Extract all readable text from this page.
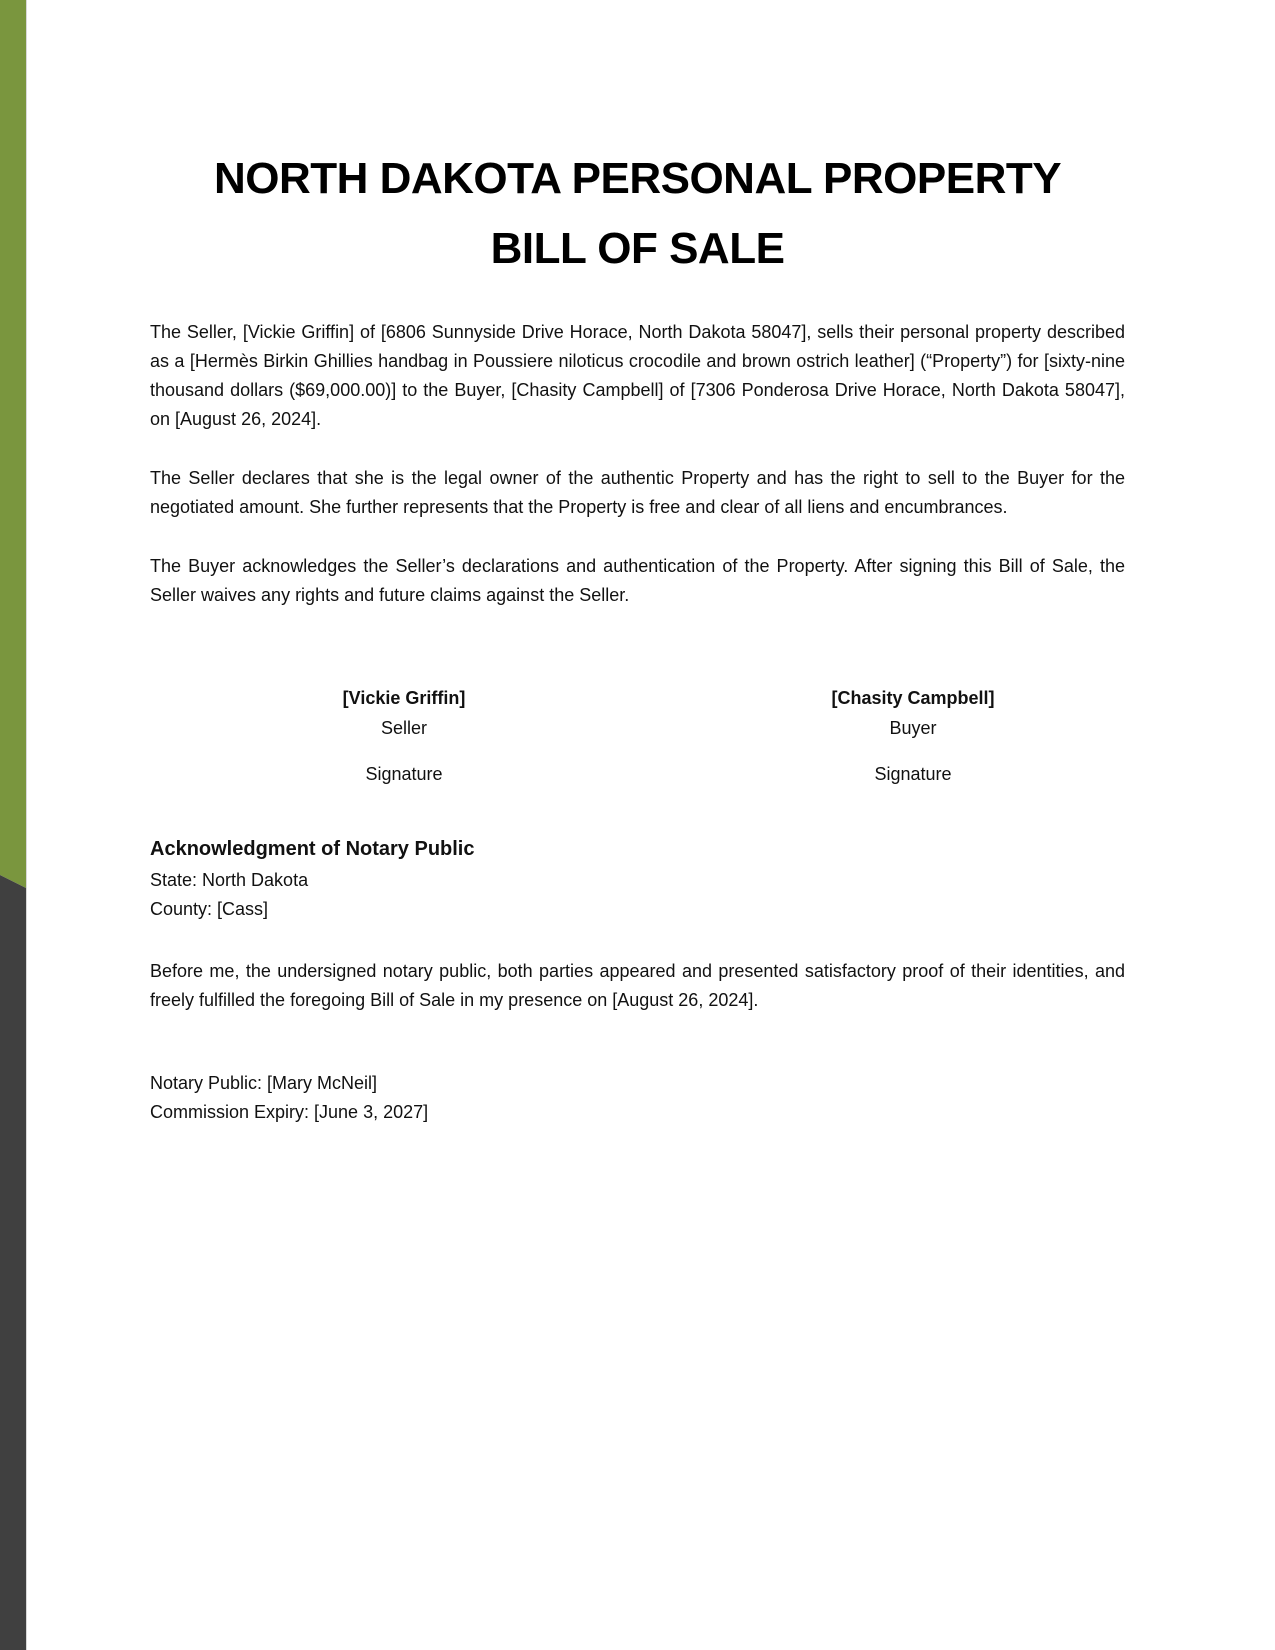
NORTH DAKOTA PERSONAL PROPERTY
BILL OF SALE
The Seller, [Vickie Griffin] of [6806 Sunnyside Drive Horace, North Dakota 58047], sells their personal property described as a [Hermès Birkin Ghillies handbag in Poussiere niloticus crocodile and brown ostrich leather] (“Property”) for [sixty-nine thousand dollars ($69,000.00)] to the Buyer, [Chasity Campbell] of [7306 Ponderosa Drive Horace, North Dakota 58047], on [August 26, 2024].
The Seller declares that she is the legal owner of the authentic Property and has the right to sell to the Buyer for the negotiated amount. She further represents that the Property is free and clear of all liens and encumbrances.
The Buyer acknowledges the Seller’s declarations and authentication of the Property. After signing this Bill of Sale, the Seller waives any rights and future claims against the Seller.
[Vickie Griffin]
Seller
Signature
[Chasity Campbell]
Buyer
Signature
Acknowledgment of Notary Public
State: North Dakota
County: [Cass]
Before me, the undersigned notary public, both parties appeared and presented satisfactory proof of their identities, and freely fulfilled the foregoing Bill of Sale in my presence on [August 26, 2024].
Notary Public: [Mary McNeil]
Commission Expiry: [June 3, 2027]
